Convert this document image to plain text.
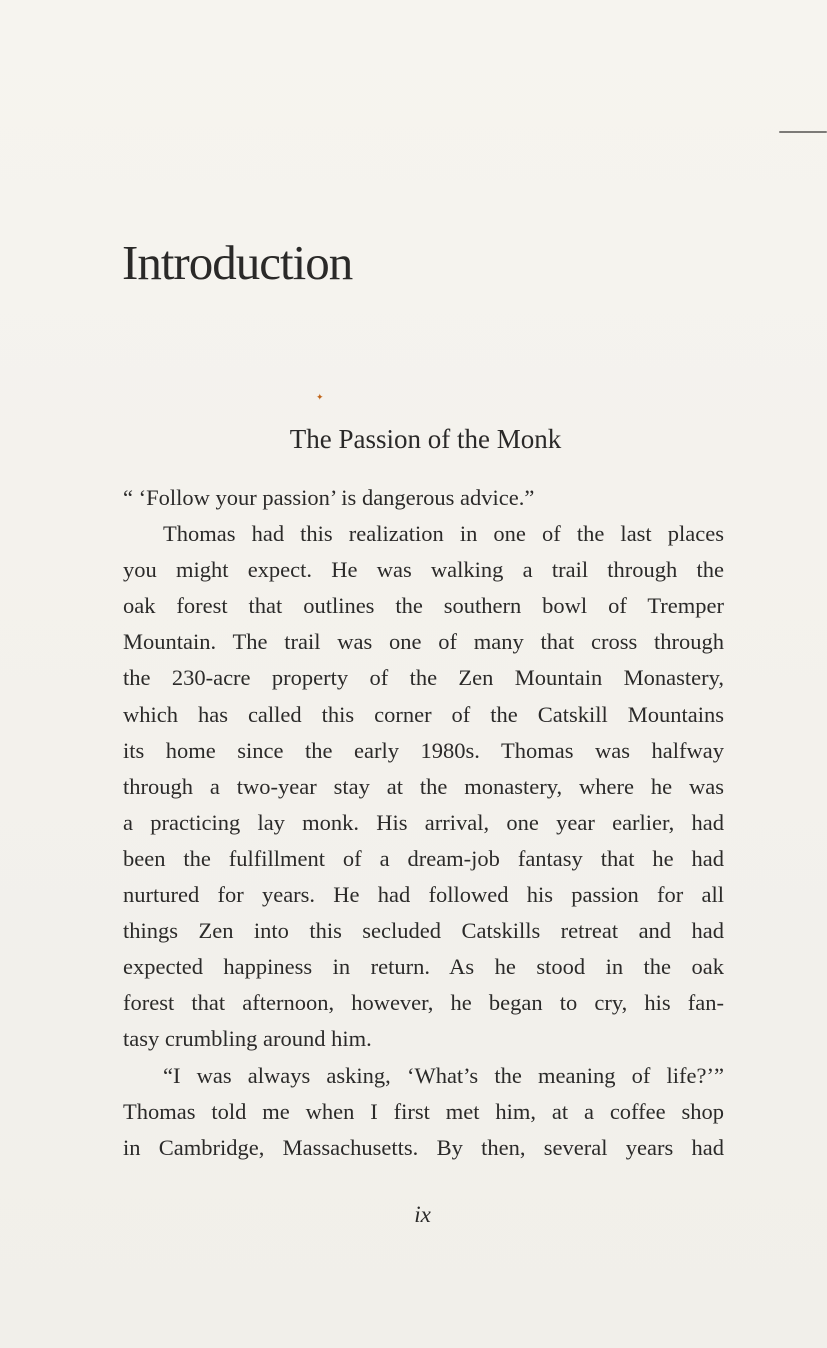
Introduction
✦
The Passion of the Monk
“ ‘Follow your passion’ is dangerous advice.”
Thomas had this realization in one of the last places
you might expect. He was walking a trail through the
oak forest that outlines the southern bowl of Tremper
Mountain. The trail was one of many that cross through
the 230-acre property of the Zen Mountain Monastery,
which has called this corner of the Catskill Mountains
its home since the early 1980s. Thomas was halfway
through a two-year stay at the monastery, where he was
a practicing lay monk. His arrival, one year earlier, had
been the fulfillment of a dream-job fantasy that he had
nurtured for years. He had followed his passion for all
things Zen into this secluded Catskills retreat and had
expected happiness in return. As he stood in the oak
forest that afternoon, however, he began to cry, his fan-
tasy crumbling around him.
“I was always asking, ‘What’s the meaning of life?’”
Thomas told me when I first met him, at a coffee shop
in Cambridge, Massachusetts. By then, several years had
ix
